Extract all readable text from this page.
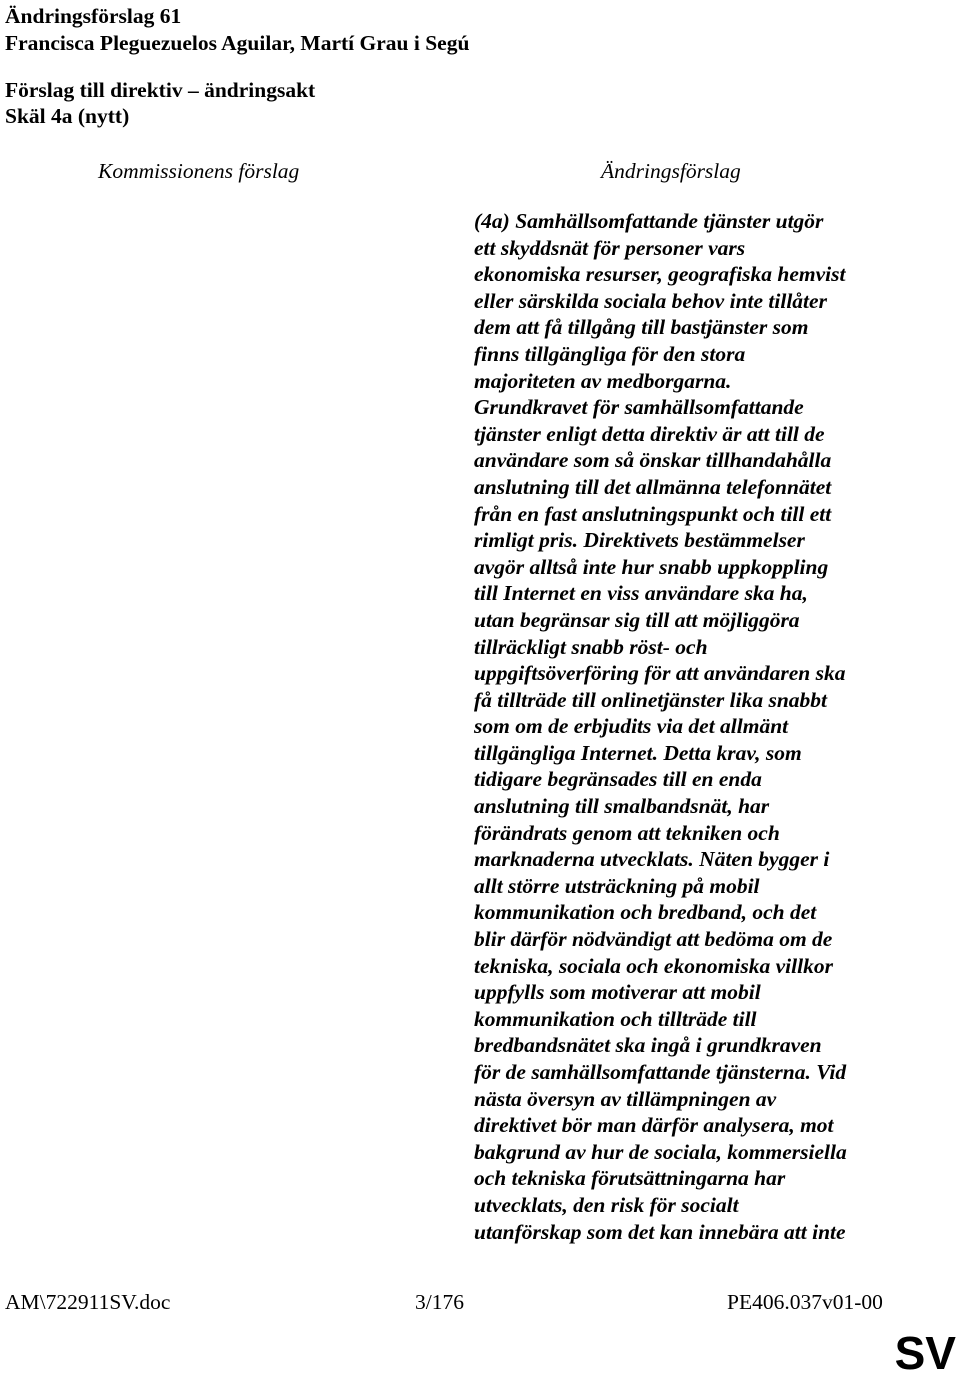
Ändringsförslag 61
Francisca Pleguezuelos Aguilar, Martí Grau i Segú
Förslag till direktiv – ändringsakt
Skäl 4a (nytt)
Kommissionens förslag	Ändringsförslag
(4a) Samhällsomfattande tjänster utgör
ett skyddsnät för personer vars
ekonomiska resurser, geografiska hemvist
eller särskilda sociala behov inte tillåter
dem att få tillgång till bastjänster som
finns tillgängliga för den stora
majoriteten av medborgarna.
Grundkravet för samhällsomfattande
tjänster enligt detta direktiv är att till de
användare som så önskar tillhandahålla
anslutning till det allmänna telefonnätet
från en fast anslutningspunkt och till ett
rimligt pris. Direktivets bestämmelser
avgör alltså inte hur snabb uppkoppling
till Internet en viss användare ska ha,
utan begränsar sig till att möjliggöra
tillräckligt snabb röst- och
uppgiftsöverföring för att användaren ska
få tillträde till onlinetjänster lika snabbt
som om de erbjudits via det allmänt
tillgängliga Internet. Detta krav, som
tidigare begränsades till en enda
anslutning till smalbandsnät, har
förändrats genom att tekniken och
marknaderna utvecklats. Näten bygger i
allt större utsträckning på mobil
kommunikation och bredband, och det
blir därför nödvändigt att bedöma om de
tekniska, sociala och ekonomiska villkor
uppfylls som motiverar att mobil
kommunikation och tillträde till
bredbandsnätet ska ingå i grundkraven
för de samhällsomfattande tjänsterna. Vid
nästa översyn av tillämpningen av
direktivet bör man därför analysera, mot
bakgrund av hur de sociala, kommersiella
och tekniska förutsättningarna har
utvecklats, den risk för socialt
utanförskap som det kan innebära att inte
AM\722911SV.doc	3/176	PE406.037v01-00
SV
